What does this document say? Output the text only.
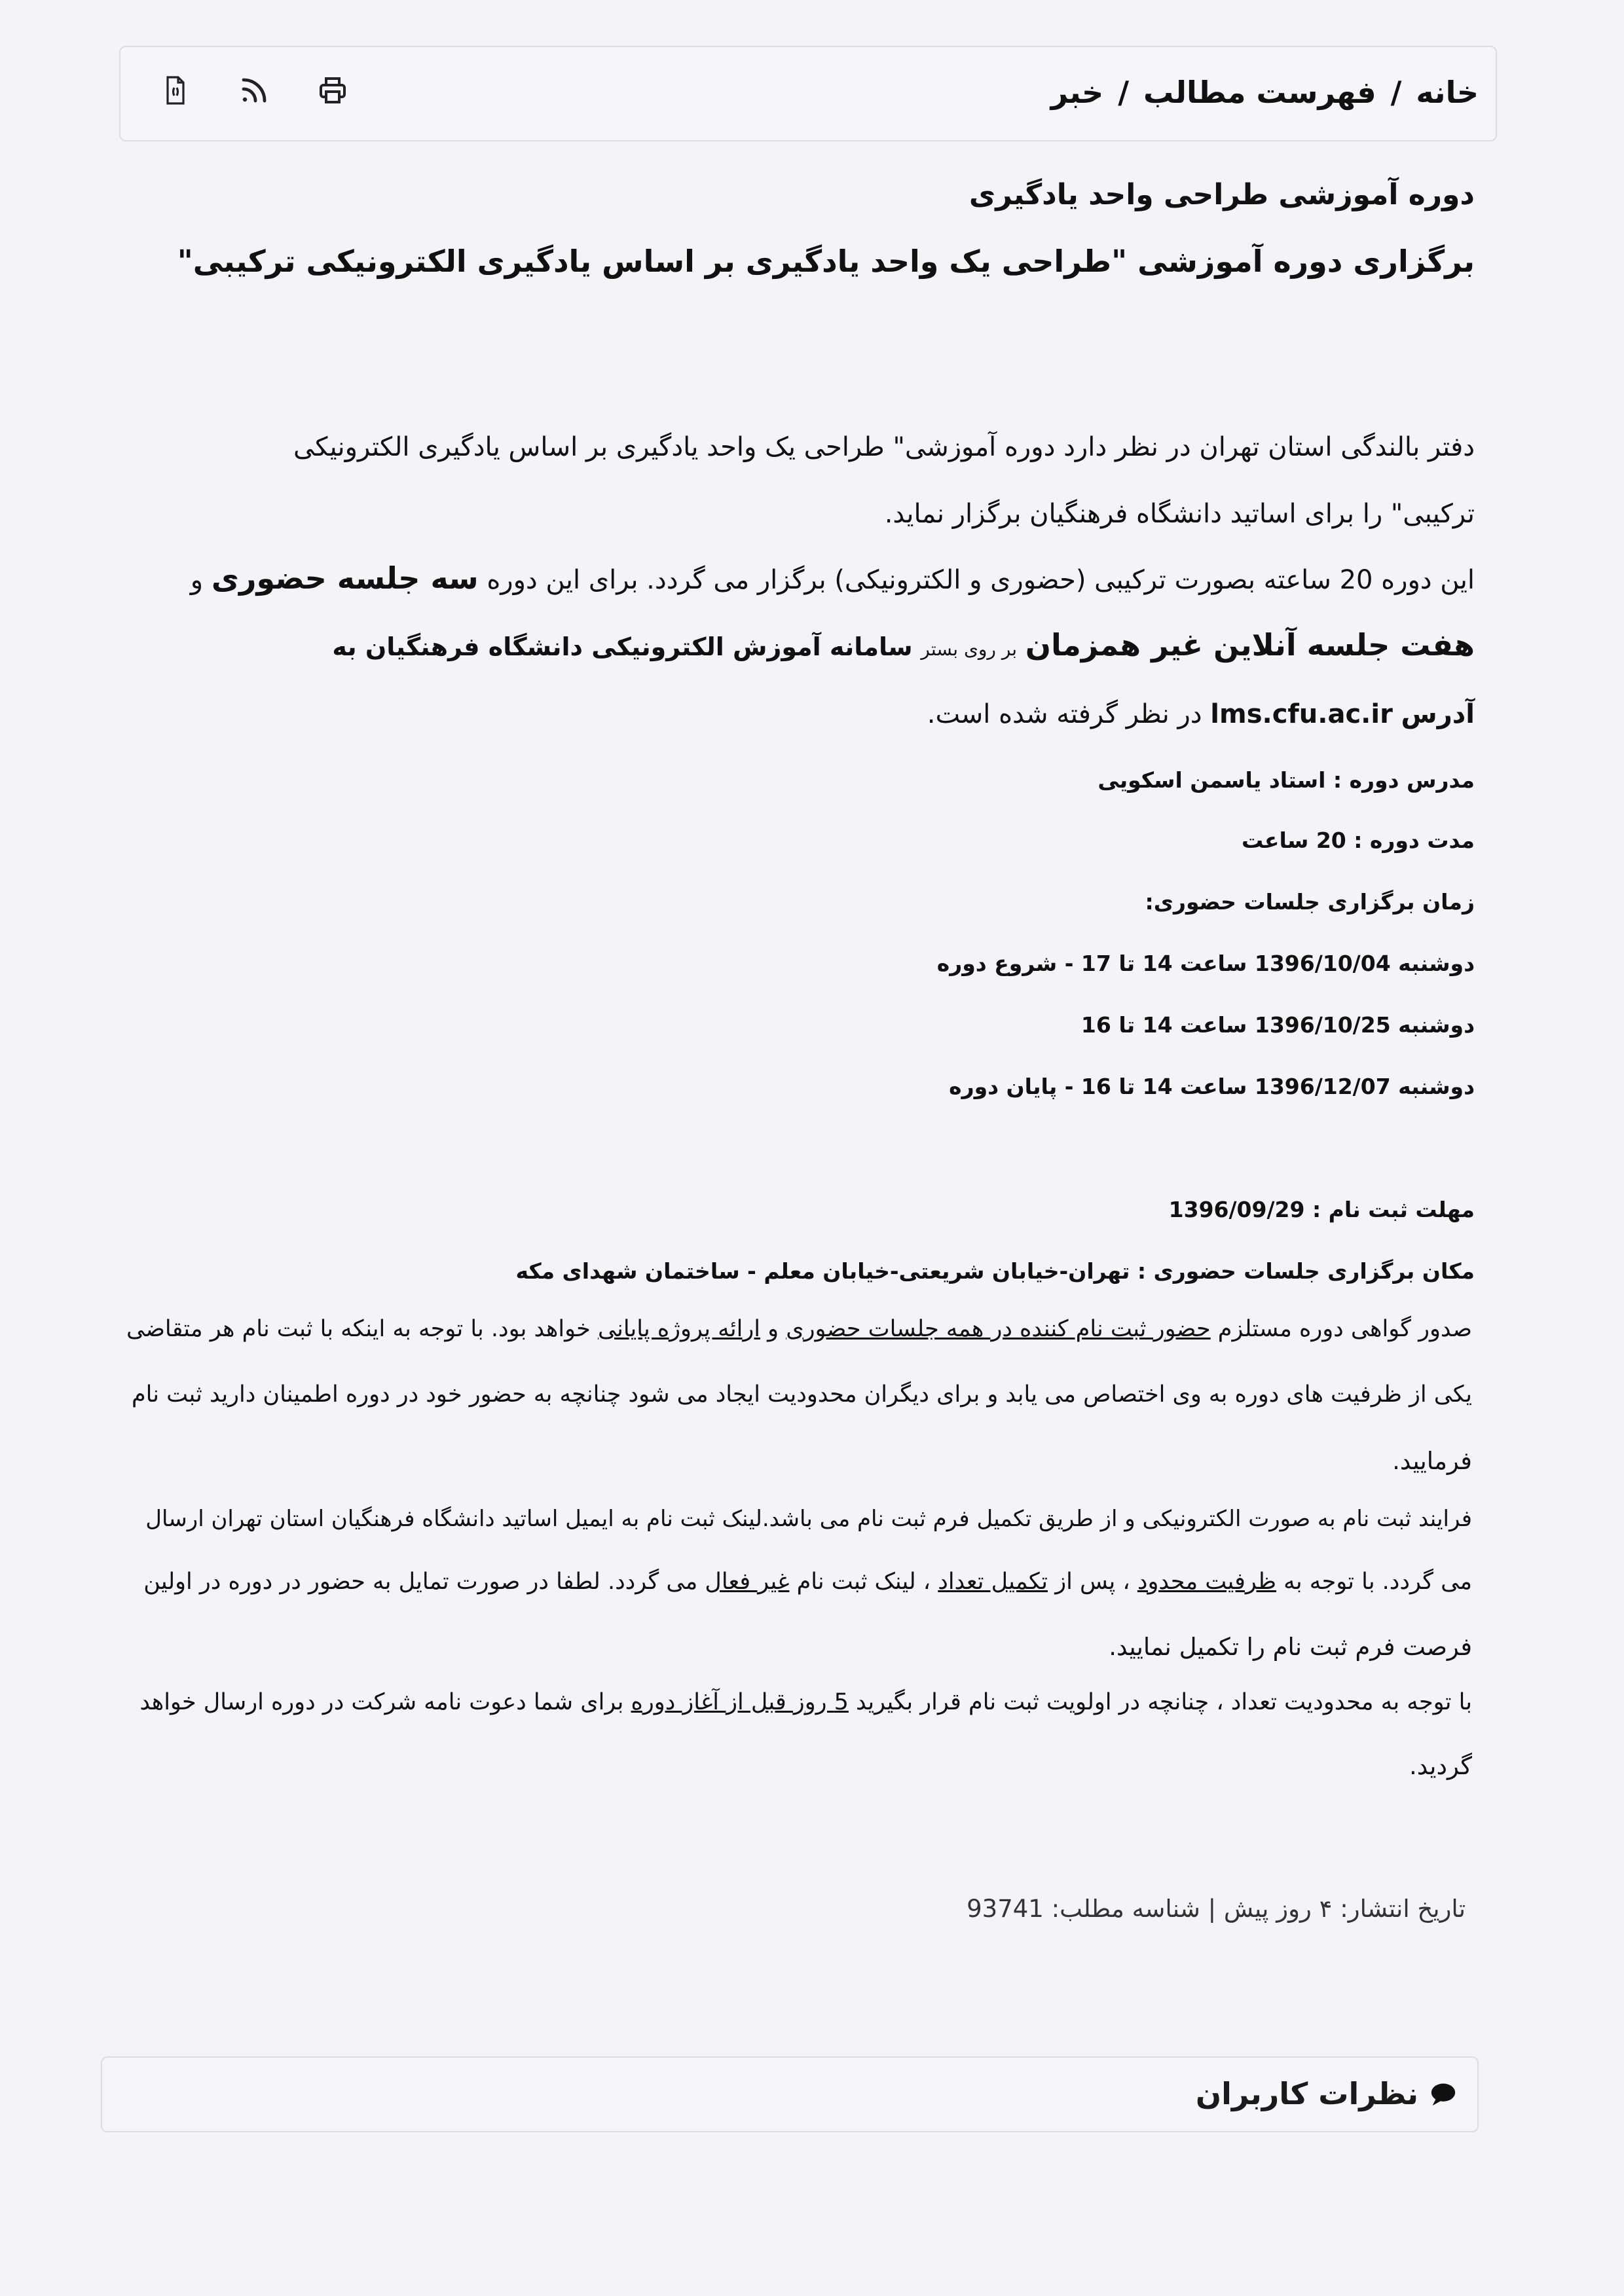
خانه/فهرست مطالب/خبر
دوره آموزشی طراحی واحد یادگیری
برگزاری دوره آموزشی "طراحی یک واحد یادگیری بر اساس یادگیری الکترونیکی ترکیبی"
دفتر بالندگی استان تهران در نظر دارد دوره آموزشی" طراحی یک واحد یادگیری بر اساس یادگیری الکترونیکی
ترکیبی" را برای اساتید دانشگاه فرهنگیان برگزار نماید.
این دوره 20 ساعته بصورت ترکیبی (حضوری و الکترونیکی) برگزار می گردد. برای این دوره سه جلسه حضوری و
هفت جلسه آنلاین غیر همزمان بر روی بستر سامانه آموزش الکترونیکی دانشگاه فرهنگیان به
آدرس lms.cfu.ac.ir در نظر گرفته شده است.
مدرس دوره : استاد یاسمن اسکویی
مدت دوره : 20 ساعت
زمان برگزاری جلسات حضوری:
دوشنبه 1396/10/04 ساعت 14 تا 17 - شروع دوره
دوشنبه 1396/10/25 ساعت 14 تا 16
دوشنبه 1396/12/07 ساعت 14 تا 16 - پایان دوره
مهلت ثبت نام : 1396/09/29
مکان برگزاری جلسات حضوری : تهران-خیابان شریعتی-خیابان معلم - ساختمان شهدای مکه
صدور گواهی دوره مستلزم حضور ثبت نام کننده در همه جلسات حضوری و ارائه پروژه پایانی خواهد بود. با توجه به اینکه با ثبت نام هر متقاضی
یکی از ظرفیت های دوره به وی اختصاص می یابد و برای دیگران محدودیت ایجاد می شود چنانچه به حضور خود در دوره اطمینان دارید ثبت نام
فرمایید.
فرایند ثبت نام به صورت الکترونیکی و از طریق تکمیل فرم ثبت نام می باشد.لینک ثبت نام به ایمیل اساتید دانشگاه فرهنگیان استان تهران ارسال
می گردد. با توجه به ظرفیت محدود ، پس از تکمیل تعداد ، لینک ثبت نام غیر فعال می گردد. لطفا در صورت تمایل به حضور در دوره در اولین
فرصت فرم ثبت نام را تکمیل نمایید.
با توجه به محدودیت تعداد ، چنانچه در اولویت ثبت نام قرار بگیرید 5 روز قبل از آغاز دوره برای شما دعوت نامه شرکت در دوره ارسال خواهد
گردید.
تاریخ انتشار: ۴ روز پیش | شناسه مطلب: 93741
نظرات کاربران
